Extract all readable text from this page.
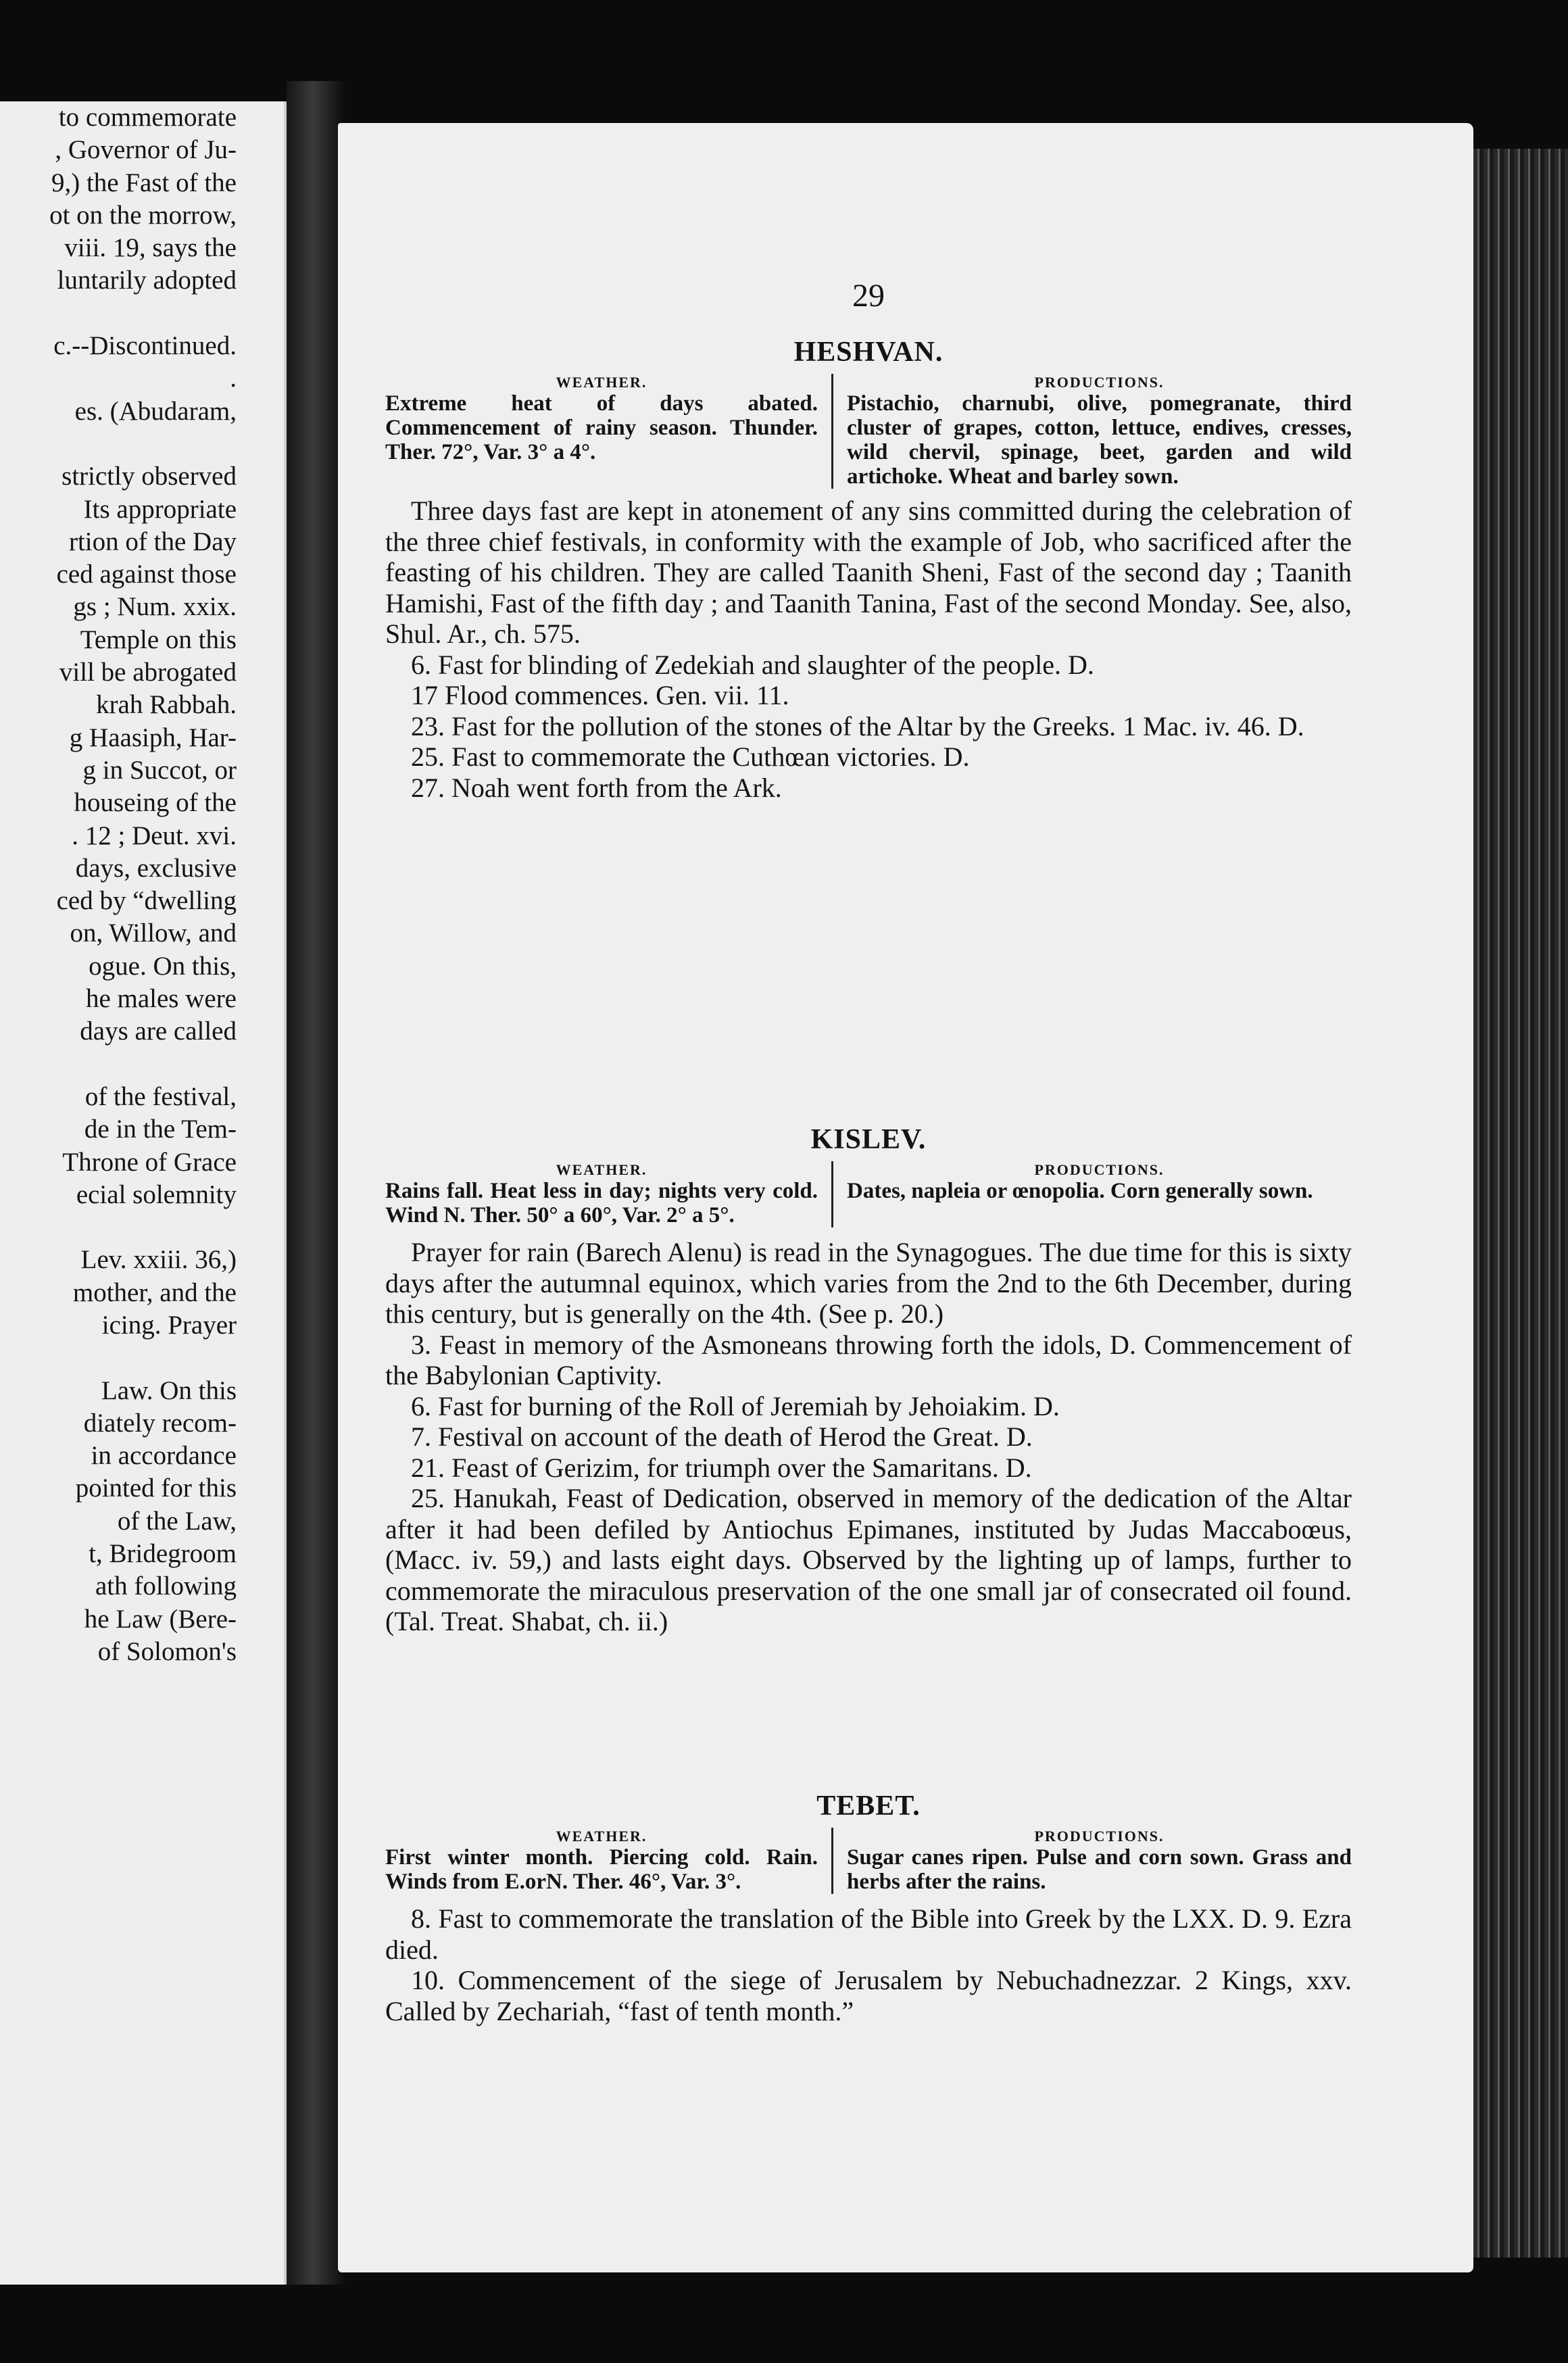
to commemorate
, Governor of Ju-
9,) the Fast of the
ot on the morrow,
viii. 19, says the
luntarily adopted
c.--Discontinued.
.
es. (Abudaram,
strictly observed
Its appropriate
rtion of the Day
ced against those
gs ; Num. xxix.
Temple on this
vill be abrogated
krah Rabbah.
g Haasiph, Har-
g in Succot, or
houseing of the
. 12 ; Deut. xvi.
days, exclusive
ced by “dwelling
on, Willow, and
ogue. On this,
he males were
days are called
of the festival,
de in the Tem-
Throne of Grace
ecial solemnity
Lev. xxiii. 36,)
mother, and the
icing. Prayer
Law. On this
diately recom-
in accordance
pointed for this
of the Law,
t, Bridegroom
ath following
he Law (Bere-
of Solomon's
29
HESHVAN.
WEATHER.
Extreme heat of days abated. Commencement of rainy season. Thunder. Ther. 72°, Var. 3° a 4°.
PRODUCTIONS.
Pistachio, charnubi, olive, pomegranate, third cluster of grapes, cotton, lettuce, endives, cresses, wild chervil, spinage, beet, garden and wild artichoke. Wheat and barley sown.

Three days fast are kept in atonement of any sins committed during the celebration of the three chief festivals, in conformity with the example of Job, who sacrificed after the feasting of his children. They are called Taanith Sheni, Fast of the second day ; Taanith Hamishi, Fast of the fifth day ; and Taanith Tanina, Fast of the second Monday. See, also, Shul. Ar., ch. 575.

6. Fast for blinding of Zedekiah and slaughter of the people. D.
17 Flood commences. Gen. vii. 11.
23. Fast for the pollution of the stones of the Altar by the Greeks. 1 Mac. iv. 46. D.
25. Fast to commemorate the Cuthœan victories. D.
27. Noah went forth from the Ark.
KISLEV.
WEATHER.
Rains fall. Heat less in day; nights very cold. Wind N. Ther. 50° a 60°, Var. 2° a 5°.
PRODUCTIONS.
Dates, napleia or œnopolia. Corn generally sown.

Prayer for rain (Barech Alenu) is read in the Synagogues. The due time for this is sixty days after the autumnal equinox, which varies from the 2nd to the 6th December, during this century, but is generally on the 4th. (See p. 20.)

3. Feast in memory of the Asmoneans throwing forth the idols, D. Commencement of the Babylonian Captivity.
6. Fast for burning of the Roll of Jeremiah by Jehoiakim. D.
7. Festival on account of the death of Herod the Great. D.
21. Feast of Gerizim, for triumph over the Samaritans. D.
25. Hanukah, Feast of Dedication, observed in memory of the dedication of the Altar after it had been defiled by Antiochus Epimanes, instituted by Judas Maccaboœus, (Macc. iv. 59,) and lasts eight days. Observed by the lighting up of lamps, further to commemorate the miraculous preservation of the one small jar of consecrated oil found. (Tal. Treat. Shabat, ch. ii.)
TEBET.
WEATHER.
First winter month. Piercing cold. Rain. Winds from E.orN. Ther. 46°, Var. 3°.
PRODUCTIONS.
Sugar canes ripen. Pulse and corn sown. Grass and herbs after the rains.
8. Fast to commemorate the translation of the Bible into Greek by the LXX. D. 9. Ezra died.
10. Commencement of the siege of Jerusalem by Nebuchadnezzar. 2 Kings, xxv. Called by Zechariah, “fast of tenth month.”
